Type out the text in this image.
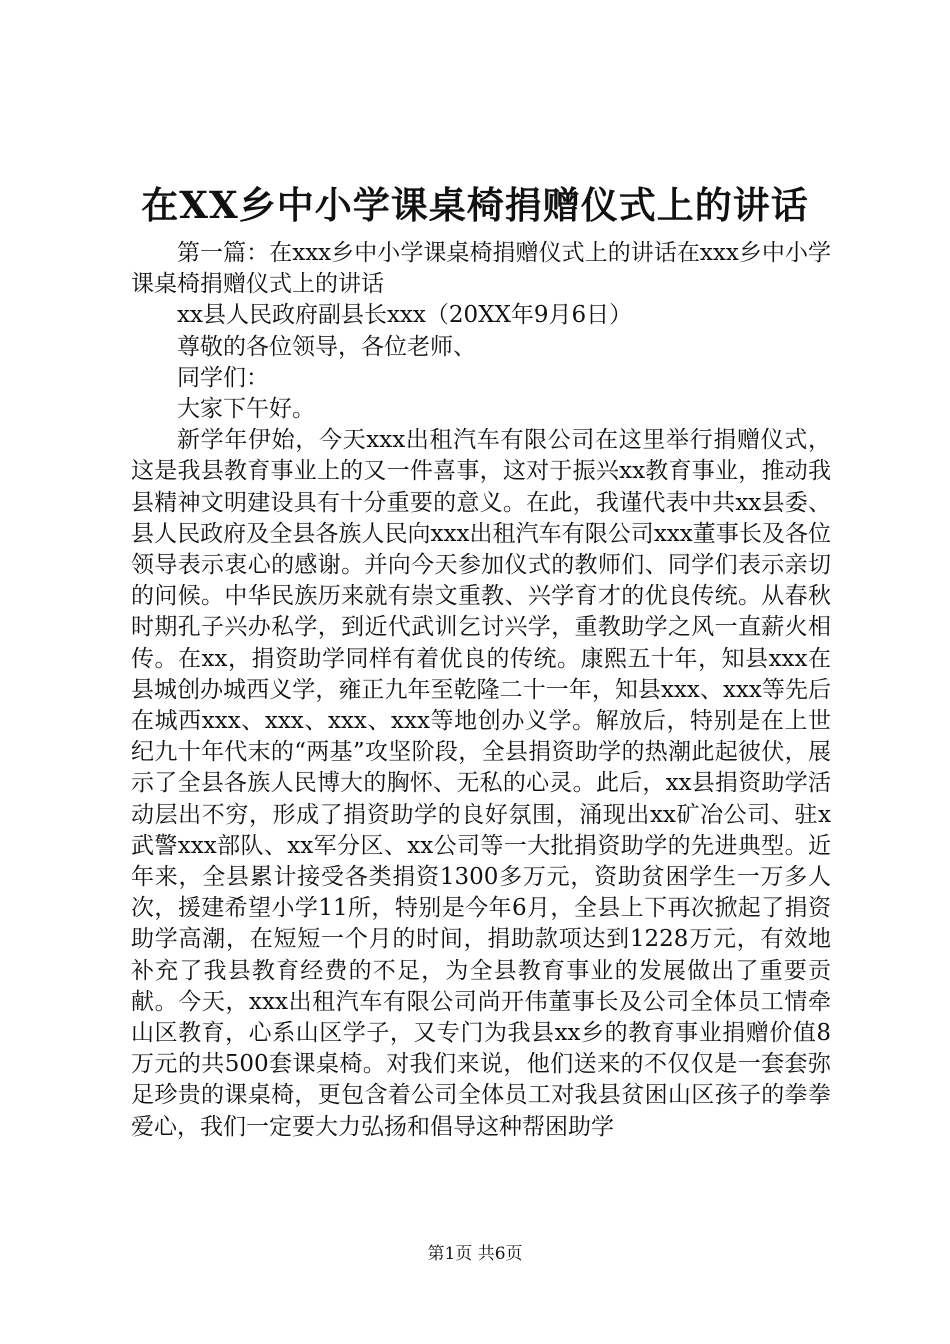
在XX乡中小学课桌椅捐赠仪式上的讲话

第一篇：在xxx乡中小学课桌椅捐赠仪式上的讲话在xxx乡中小学课桌椅捐赠仪式上的讲话

xx县人民政府副县长xxx（20XX年9月6日）

尊敬的各位领导，各位老师、

同学们：

大家下午好。

新学年伊始，今天xxx出租汽车有限公司在这里举行捐赠仪式，这是我县教育事业上的又一件喜事，这对于振兴xx教育事业，推动我县精神文明建设具有十分重要的意义。在此，我谨代表中共xx县委、县人民政府及全县各族人民向xxx出租汽车有限公司xxx董事长及各位领导表示衷心的感谢。并向今天参加仪式的教师们、同学们表示亲切的问候。中华民族历来就有崇文重教、兴学育才的优良传统。从春秋时期孔子兴办私学，到近代武训乞讨兴学，重教助学之风一直薪火相传。在xx，捐资助学同样有着优良的传统。康熙五十年，知县xxx在县城创办城西义学，雍正九年至乾隆二十一年，知县xxx、xxx等先后在城西xxx、xxx、xxx、xxx等地创办义学。解放后，特别是在上世纪九十年代末的“两基”攻坚阶段，全县捐资助学的热潮此起彼伏，展示了全县各族人民博大的胸怀、无私的心灵。此后，xx县捐资助学活动层出不穷，形成了捐资助学的良好氛围，涌现出xx矿冶公司、驻x武警xxx部队、xx军分区、xx公司等一大批捐资助学的先进典型。近年来，全县累计接受各类捐资1300多万元，资助贫困学生一万多人次，援建希望小学11所，特别是今年6月，全县上下再次掀起了捐资助学高潮，在短短一个月的时间，捐助款项达到1228万元，有效地补充了我县教育经费的不足，为全县教育事业的发展做出了重要贡献。今天，xxx出租汽车有限公司尚开伟董事长及公司全体员工情牵山区教育，心系山区学子，又专门为我县xx乡的教育事业捐赠价值8万元的共500套课桌椅。对我们来说，他们送来的不仅仅是一套套弥足珍贵的课桌椅，更包含着公司全体员工对我县贫困山区孩子的拳拳爱心，我们一定要大力弘扬和倡导这种帮困助学

第1页 共6页
